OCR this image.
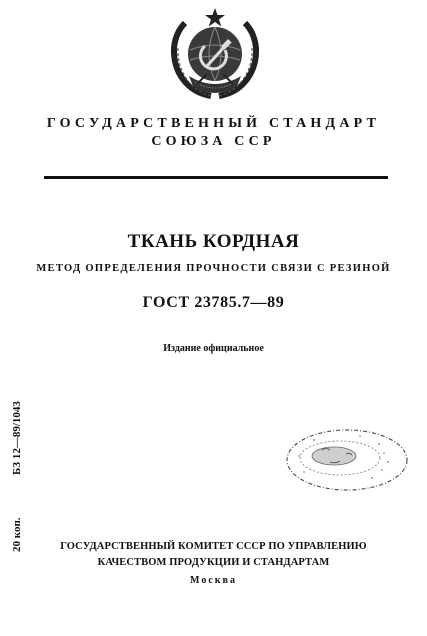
ГОСУДАРСТВЕННЫЙ СТАНДАРТ
СОЮЗА ССР
ТКАНЬ КОРДНАЯ
МЕТОД ОПРЕДЕЛЕНИЯ ПРОЧНОСТИ СВЯЗИ С РЕЗИНОЙ
ГОСТ 23785.7—89
Издание официальное
20 коп.
БЗ 12—89/1043
ГОСУДАРСТВЕННЫЙ КОМИТЕТ СССР ПО УПРАВЛЕНИЮ
КАЧЕСТВОМ ПРОДУКЦИИ И СТАНДАРТАМ
Москва
